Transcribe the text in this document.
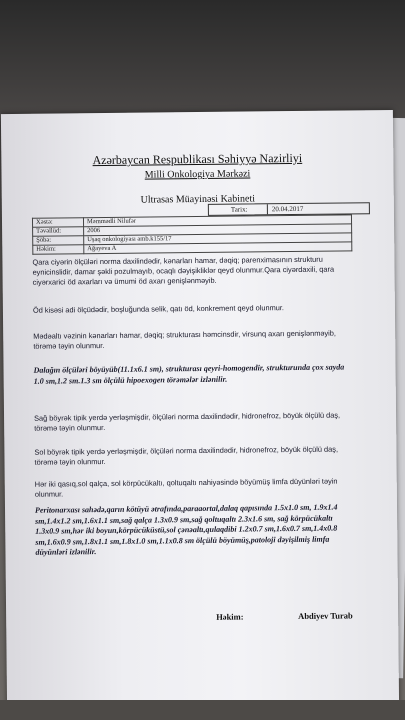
Azərbaycan Respublikası Səhiyyə Nazirliyi
Milli Onkologiya Mərkəzi
Ultrasas Müayinəsi Kabineti
Tarix:	20.04.2017
Xəstə:	Məmmədli Nilufər
Təvəllüd:	2006
Şöbə:	Uşaq onkologiyası amb.k155/17
Həkim:	Ağayeva A
Qara ciyərin ölçüləri norma daxilindədir, kənarları hamar, dəqiq; parenximasının strukturu eynicinslidir, damar şəkli pozulmayıb, ocaqlı dəyişikliklər qeyd olunmur.Qara ciyərdaxili, qara ciyərxarici öd axarları və ümumi öd axarı genişlənməyib.
Öd kisəsi adi ölçüdədir, boşluğunda selik, qatı öd, konkrement qeyd olunmur.
Mədəaltı vəzinin kənarları hamar, dəqiq; strukturası həmcinsdir, virsunq axarı genişlənməyib, törəmə təyin olunmur.
Dalağın ölçüləri böyüyüb(11.1x6.1 sm), strukturası qeyri-homogendir, strukturunda çox sayda 1.0 sm,1.2 sm.1.3 sm ölçülü hipoexogen törəmələr izlənilir.
Sağ böyrək tipik yerdə yerləşmişdir, ölçüləri norma daxilindədir, hidronefroz, böyük ölçülü daş, törəmə təyin olunmur.
Sol böyrək tipik yerdə yerləşmişdir, ölçüləri norma daxilindədir, hidronefroz, böyük ölçülü daş, törəmə təyin olunmur.
Hər iki qasıq,sol qalça, sol körpücükaltı, qoltuqaltı nahiyəsində böyümüş limfa düyünləri təyin olunmur.
Peritonarxası sahədə,qarın kötüyü ətrafında,paraaortal,dalaq qapısında 1.5x1.0 sm, 1.9x1.4 sm,1.4x1.2 sm,1.6x1.1 sm,sağ qalça 1.3x0.9 sm,sağ qoltuqaltı 2.3x1.6 sm, sağ körpücükaltı 1.3x0.9 sm,hər iki boyun,körpücüküstü,sol çənəaltı,qulaqdibi 1.2x0.7 sm,1.6x0.7 sm,1.4x0.8 sm,1.6x0.9 sm,1.8x1.1 sm,1.8x1.0 sm,1.1x0.8 sm ölçülü böyümüş,patoloji dəyişilmiş limfa düyünləri izlənilir.
Həkim:	Abdiyev Turab
